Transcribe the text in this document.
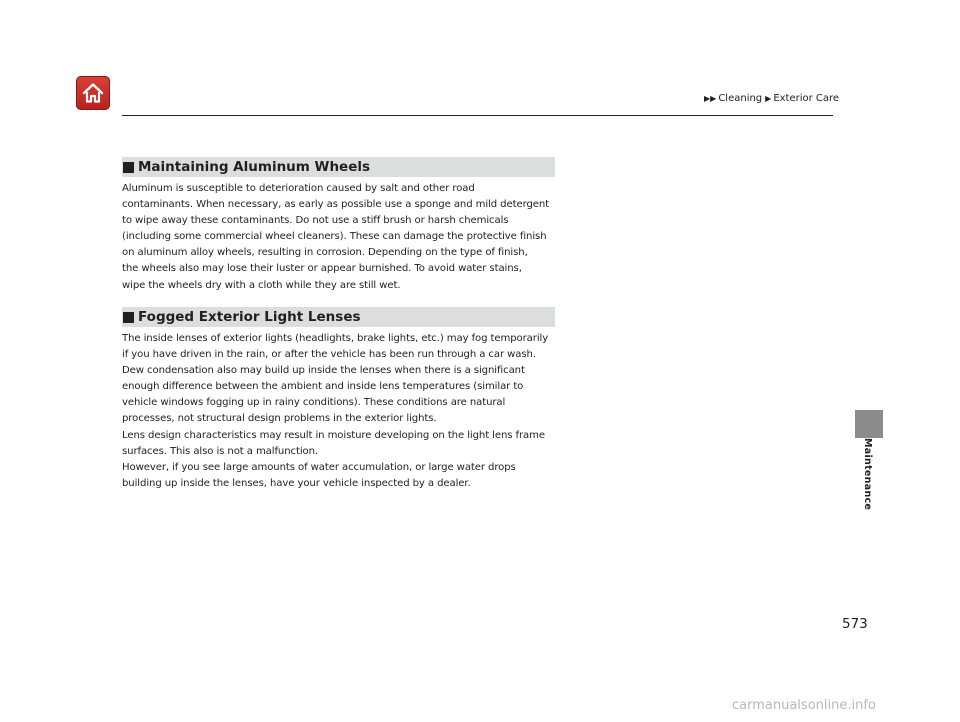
▶▶ Cleaning ▶ Exterior Care
Maintaining Aluminum Wheels

Aluminum is susceptible to deterioration caused by salt and other road

contaminants. When necessary, as early as possible use a sponge and mild detergent

to wipe away these contaminants. Do not use a stiff brush or harsh chemicals

(including some commercial wheel cleaners). These can damage the protective finish

on aluminum alloy wheels, resulting in corrosion. Depending on the type of finish,

the wheels also may lose their luster or appear burnished. To avoid water stains,

wipe the wheels dry with a cloth while they are still wet.

Fogged Exterior Light Lenses

The inside lenses of exterior lights (headlights, brake lights, etc.) may fog temporarily

if you have driven in the rain, or after the vehicle has been run through a car wash.

Dew condensation also may build up inside the lenses when there is a significant

enough difference between the ambient and inside lens temperatures (similar to

vehicle windows fogging up in rainy conditions). These conditions are natural

processes, not structural design problems in the exterior lights.

Lens design characteristics may result in moisture developing on the light lens frame

surfaces. This also is not a malfunction.

However, if you see large amounts of water accumulation, or large water drops

building up inside the lenses, have your vehicle inspected by a dealer.	Maintenance
573
carmanualsonline.info
